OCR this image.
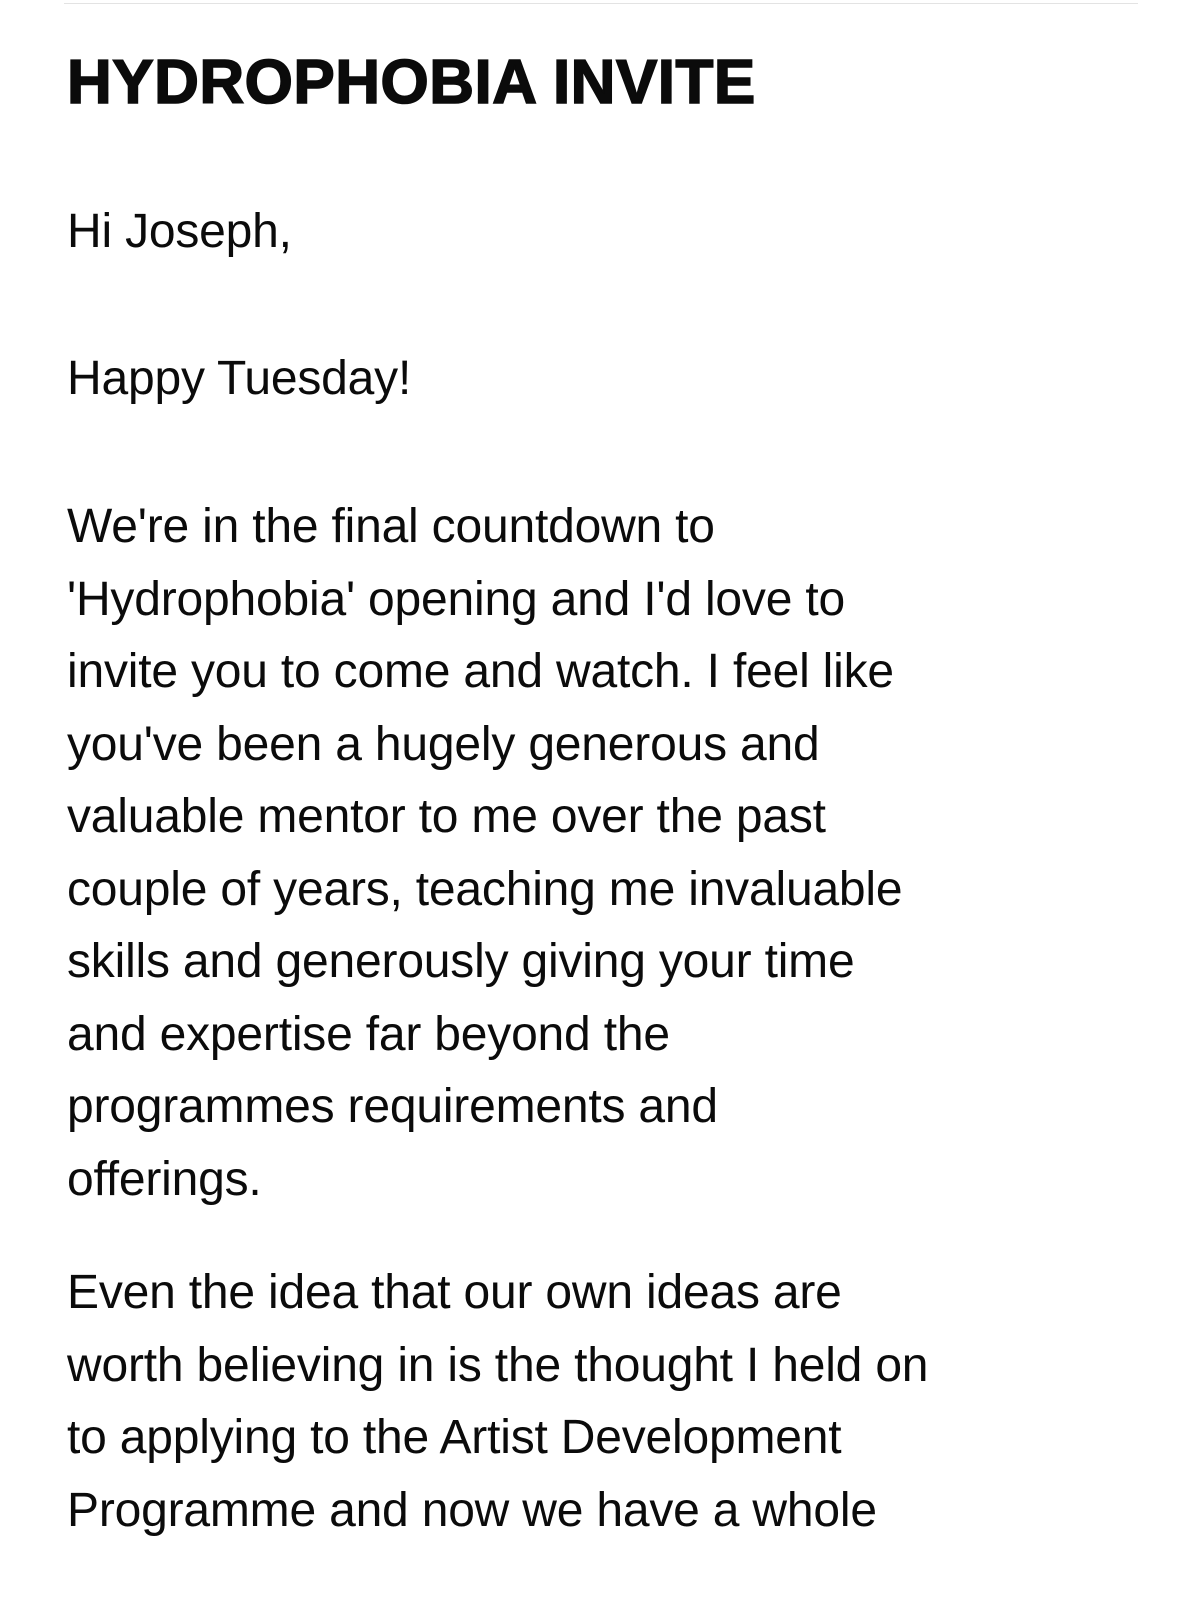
HYDROPHOBIA INVITE

Hi Joseph,

Happy Tuesday!

We're in the final countdown to
'Hydrophobia' opening and I'd love to
invite you to come and watch. I feel like
you've been a hugely generous and
valuable mentor to me over the past
couple of years, teaching me invaluable
skills and generously giving your time
and expertise far beyond the
programmes requirements and
offerings.

Even the idea that our own ideas are
worth believing in is the thought I held on
to applying to the Artist Development
Programme and now we have a whole
